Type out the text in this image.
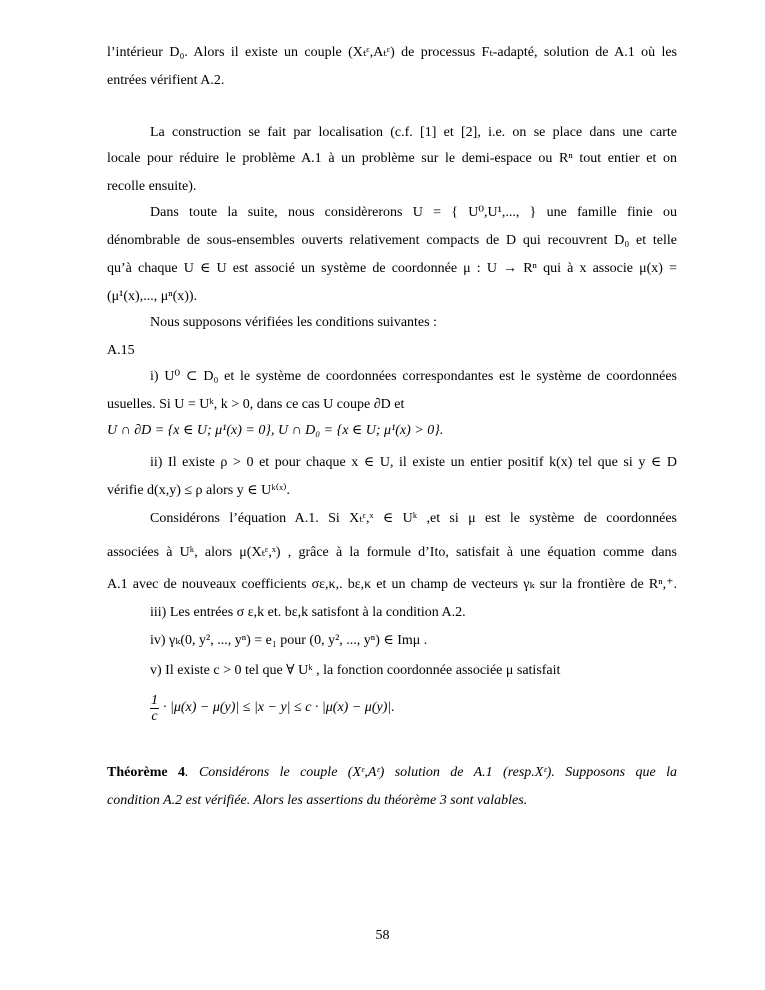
l’intérieur D₀. Alors il existe un couple (Xₜᵋ,Aₜᵋ) de processus Fₜ-adapté, solution de A.1 où les
entrées vérifient A.2.
La construction se fait par localisation (c.f. [1] et [2], i.e. on se place dans une carte
locale pour réduire le problème A.1 à un problème sur le demi-espace ou Rⁿ tout entier et on
recolle ensuite).
Dans toute la suite, nous considèrerons U = { U⁰,U¹,..., } une famille finie ou
dénombrable de sous-ensembles ouverts relativement compacts de D qui recouvrent D₀ et telle
qu’à chaque U ∈ U est associé un système de coordonnée μ : U → Rⁿ qui à x associe μ(x) =
(μ¹(x),..., μⁿ(x)).
Nous supposons vérifiées les conditions suivantes :
A.15
i) U⁰ ⊂ D₀ et le système de coordonnées correspondantes est le système de coordonnées
usuelles. Si U = Uᵏ, k > 0, dans ce cas U coupe ∂D et
U ∩ ∂D = {x ∈ U; μ¹(x) = 0}, U ∩ D₀ = {x ∈ U; μ¹(x) > 0}.
ii) Il existe ρ > 0 et pour chaque x ∈ U, il existe un entier positif k(x) tel que si y ∈ D
vérifie d(x,y) ≤ ρ alors y ∈ Uᵏ⁽ˣ⁾.
Considérons l’équation A.1. Si Xₜᵋ,ˣ ∈ Uᵏ ,et si μ est le système de coordonnées
associées à Uᵏ, alors μ(Xₜᵋ,ˣ) , grâce à la formule d’Ito, satisfait à une équation comme dans
A.1 avec de nouveaux coefficients σε,κ,. bε,κ et un champ de vecteurs γₖ sur la frontière de Rⁿ,⁺.
iii) Les entrées σ ε,k et. bε,k satisfont à la condition A.2.
iv) γₖ(0, y², ..., yⁿ) = e₁ pour (0, y², ..., yⁿ) ∈ Imμ .
v) Il existe c > 0 tel que ∀ Uᵏ , la fonction coordonnée associée μ satisfait
$\frac{1}{c} \cdot |\mu(x) - \mu(y)| \le |x - y| \le c \cdot |\mu(x) - \mu(y)|$.
Théorème 4. Considérons le couple (Xᵋ,Aᵋ) solution de A.1 (resp.Xᵋ). Supposons que la
condition A.2 est vérifiée. Alors les assertions du théorème 3 sont valables.
58
